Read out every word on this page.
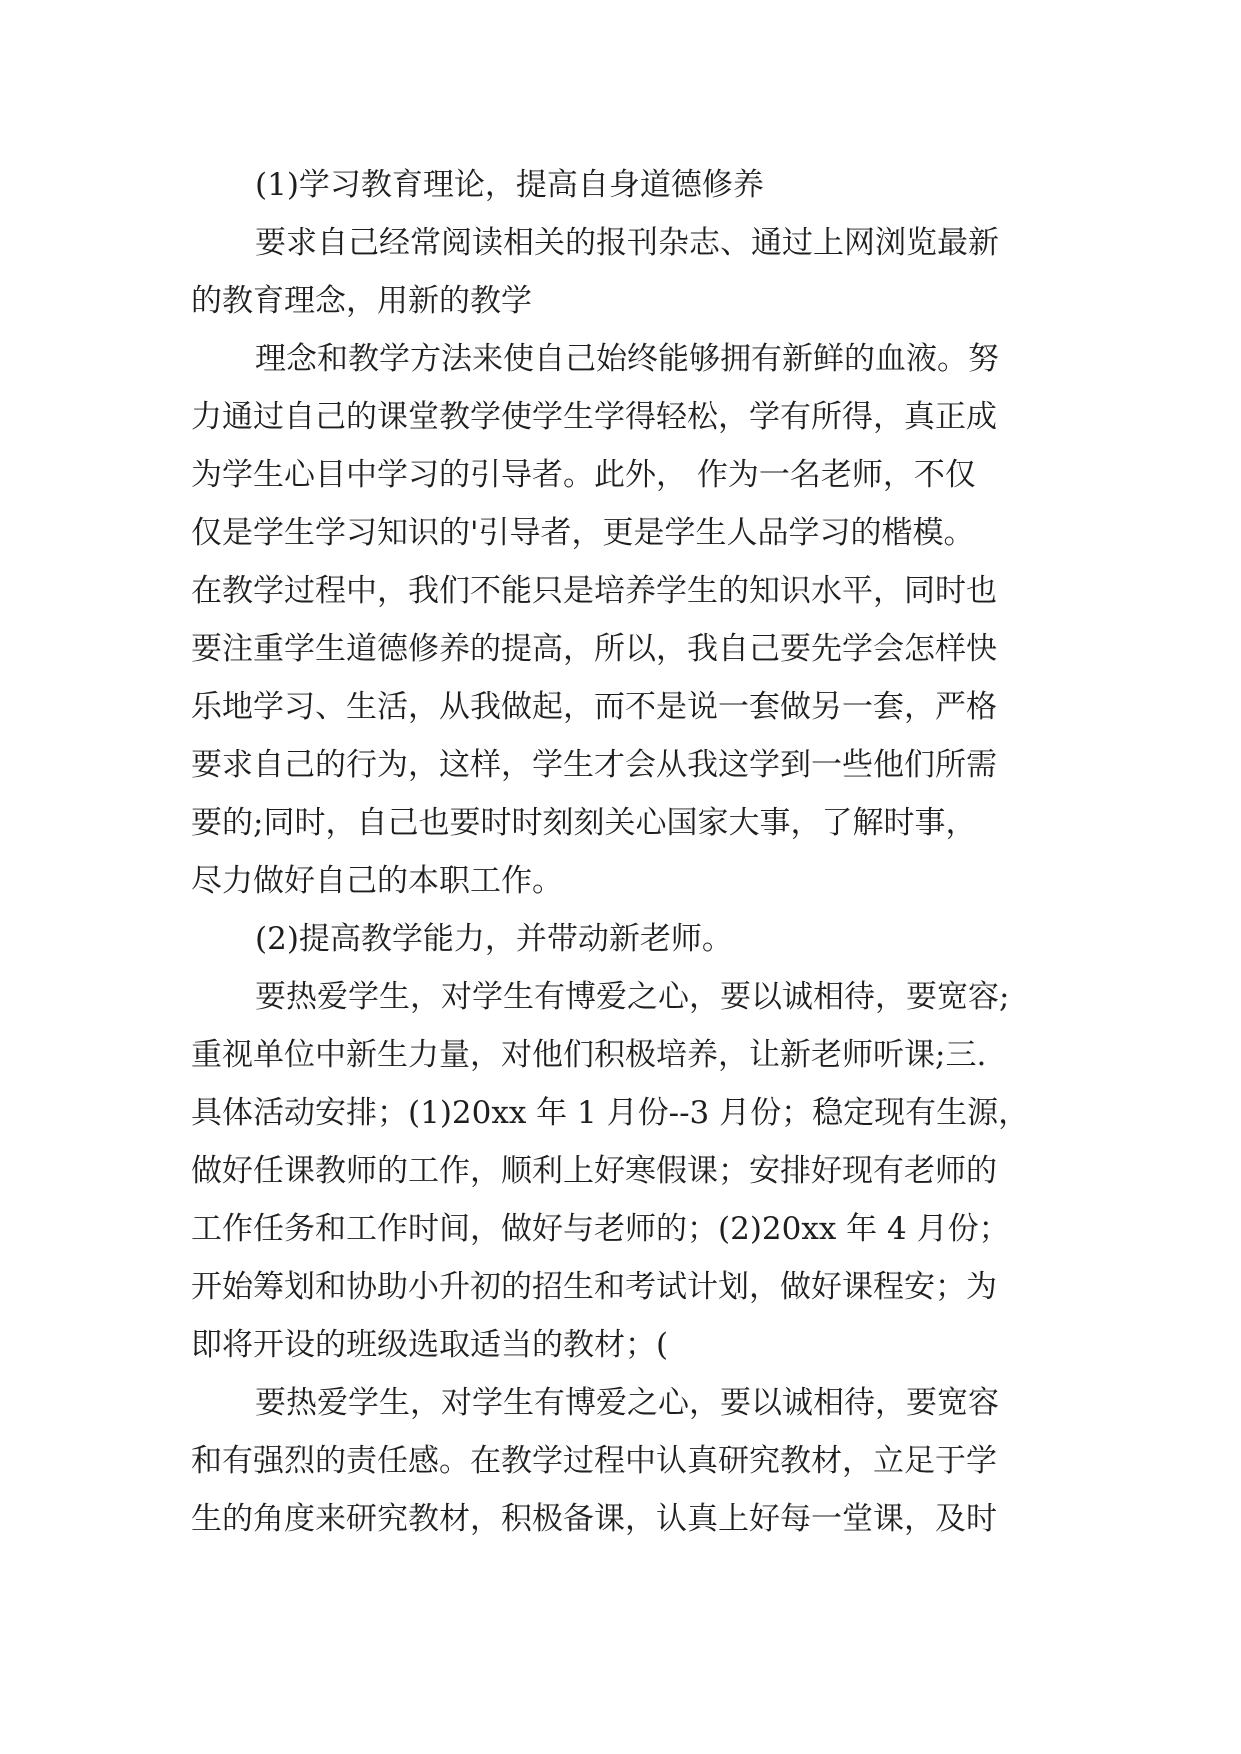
(1)学习教育理论，提高自身道德修养
要求自己经常阅读相关的报刊杂志、通过上网浏览最新
的教育理念，用新的教学
理念和教学方法来使自己始终能够拥有新鲜的血液。努
力通过自己的课堂教学使学生学得轻松，学有所得，真正成
为学生心目中学习的引导者。此外， 作为一名老师，不仅
仅是学生学习知识的'引导者，更是学生人品学习的楷模。
在教学过程中，我们不能只是培养学生的知识水平，同时也
要注重学生道德修养的提高，所以，我自己要先学会怎样快
乐地学习、生活，从我做起，而不是说一套做另一套，严格
要求自己的行为，这样，学生才会从我这学到一些他们所需
要的;同时，自己也要时时刻刻关心国家大事，了解时事，
尽力做好自己的本职工作。
(2)提高教学能力，并带动新老师。
要热爱学生，对学生有博爱之心，要以诚相待，要宽容;
重视单位中新生力量，对他们积极培养，让新老师听课;三.
具体活动安排；(1)20xx 年 1 月份--3 月份；稳定现有生源，
做好任课教师的工作，顺利上好寒假课；安排好现有老师的
工作任务和工作时间，做好与老师的；(2)20xx 年 4 月份；
开始筹划和协助小升初的招生和考试计划，做好课程安；为
即将开设的班级选取适当的教材；(
要热爱学生，对学生有博爱之心，要以诚相待，要宽容
和有强烈的责任感。在教学过程中认真研究教材，立足于学
生的角度来研究教材，积极备课，认真上好每一堂课，及时
